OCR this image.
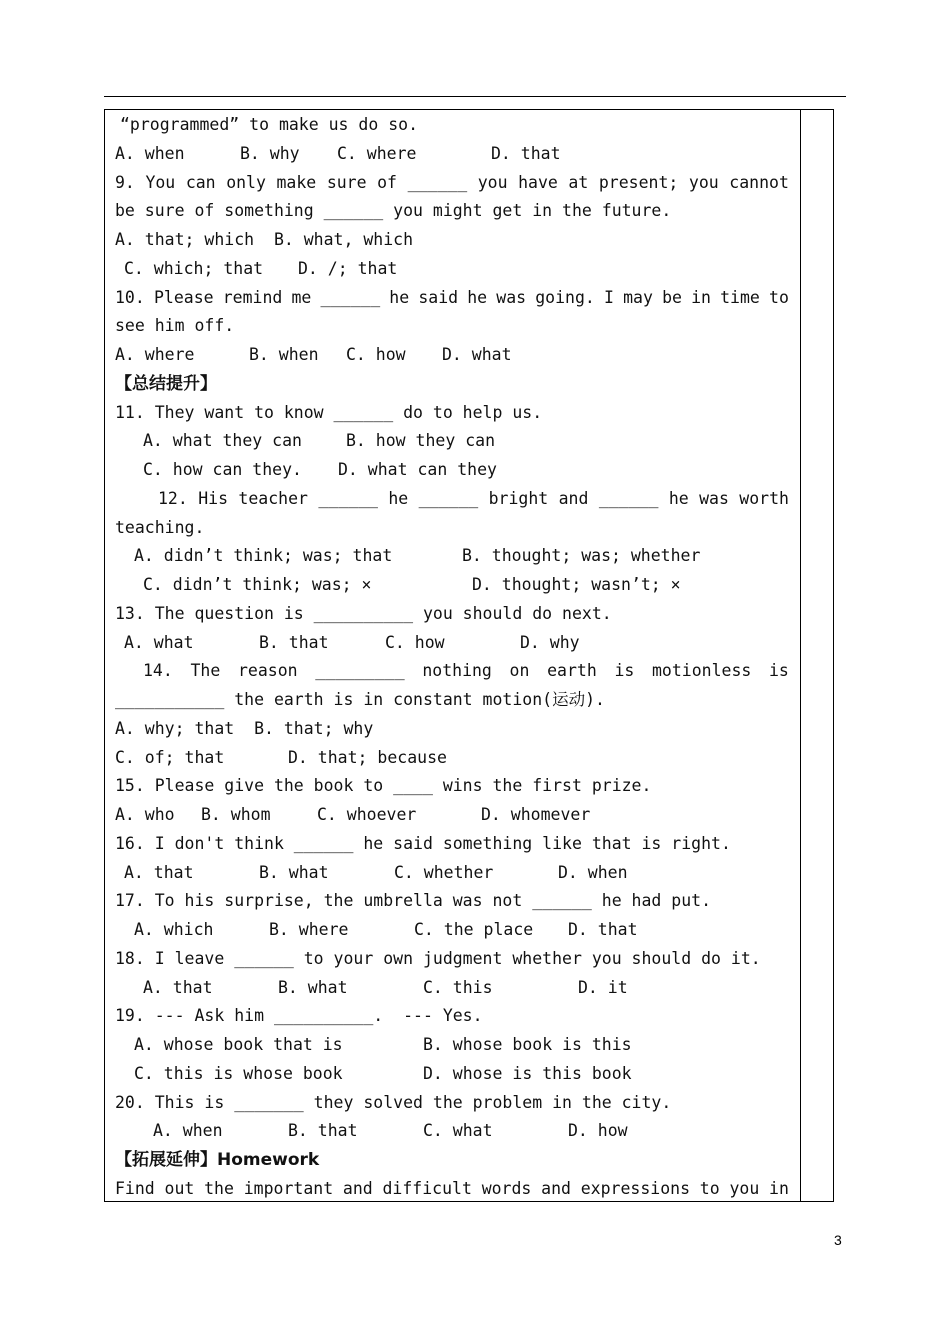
“programmed” to make us do so.
A. when	B. why C. where	D. that
9. You can only make sure of ______ you have at present; you cannot
be sure of something ______ you might get in the future.
A. that; which  B. what, which
C. which; that D. /; that
10. Please remind me ______ he said he was going. I may be in time to
see him off.
A. where	B. when C. how D. what
【总结提升】
11. They want to know ______ do to help us.
A. what they can	B. how they can
C. how can they. D. what can they
12. His teacher ______ he ______ bright and ______ he was worth
teaching.
A. didn’t think; was; that	B. thought; was; whether
C. didn’t think; was; ×	D. thought; wasn’t; ×
13. The question is __________ you should do next.
A. what	B. that	C. how	D. why
14. The reason _________ nothing on earth is motionless is
___________ the earth is in constant motion(运动).
A. why; that  B. that; why
C. of; that	D. that; because
15. Please give the book to ____ wins the first prize.
A. who B. whom	C. whoever	D. whomever
16. I don't think ______ he said something like that is right.
A. that	B. what	C. whether	D. when
17. To his surprise, the umbrella was not ______ he had put.
A. which	B. where	C. the place D. that
18. I leave ______ to your own judgment whether you should do it.
A. that	B. what	C. this	D. it
19. --- Ask him __________.  --- Yes.
A. whose book that is	B. whose book is this
C. this is whose book	D. whose is this book
20. This is _______ they solved the problem in the city.
A. when	B. that	C. what	D. how
【拓展延伸】Homework
Find out the important and difficult words and expressions to you in
3
